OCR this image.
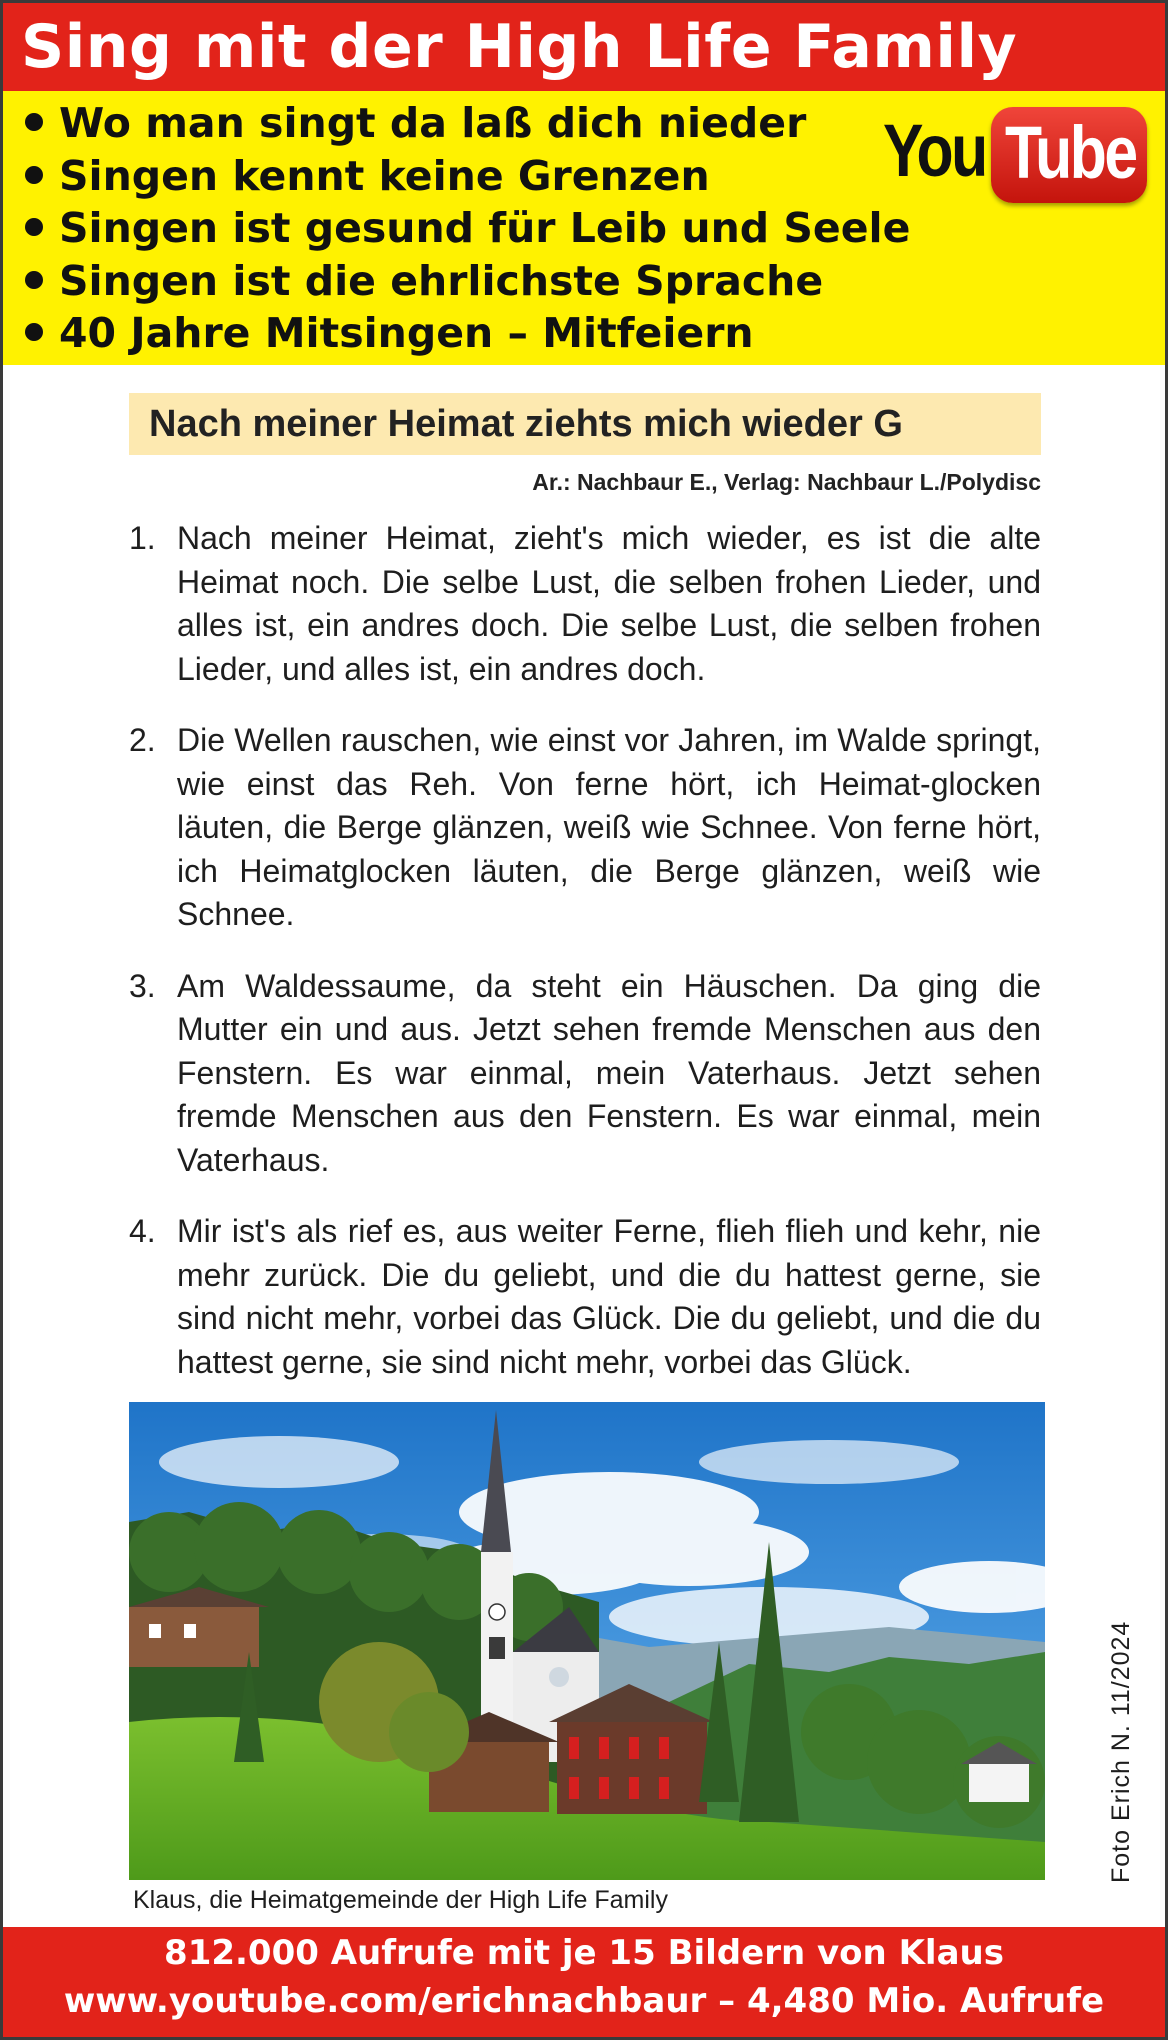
Sing mit der High Life Family
Wo man singt da laß dich nieder
Singen kennt keine Grenzen
Singen ist gesund für Leib und Seele
Singen ist die ehrlichste Sprache
40 Jahre Mitsingen – Mitfeiern
You Tube
Nach meiner Heimat ziehts mich wieder G
Ar.: Nachbaur E., Verlag: Nachbaur L./Polydisc
1. Nach meiner Heimat, zieht's mich wieder, es ist die alte Heimat noch. Die selbe Lust, die selben frohen Lieder, und alles ist, ein andres doch. Die selbe Lust, die selben frohen Lieder, und alles ist, ein andres doch.
2. Die Wellen rauschen, wie einst vor Jahren, im Walde springt, wie einst das Reh. Von ferne hört, ich Heimat-glocken läuten, die Berge glänzen, weiß wie Schnee. Von ferne hört, ich Heimatglocken läuten, die Berge glänzen, weiß wie Schnee.
3. Am Waldessaume, da steht ein Häuschen. Da ging die Mutter ein und aus. Jetzt sehen fremde Menschen aus den Fenstern. Es war einmal, mein Vaterhaus. Jetzt sehen fremde Menschen aus den Fenstern. Es war einmal, mein Vaterhaus.
4. Mir ist's als rief es, aus weiter Ferne, flieh flieh und kehr, nie mehr zurück. Die du geliebt, und die du hattest gerne, sie sind nicht mehr, vorbei das Glück. Die du geliebt, und die du hattest gerne, sie sind nicht mehr, vorbei das Glück.
Klaus, die Heimatgemeinde der High Life Family
Foto Erich N. 11/2024
812.000 Aufrufe mit je 15 Bildern von Klaus
www.youtube.com/erichnachbaur – 4,480 Mio. Aufrufe
